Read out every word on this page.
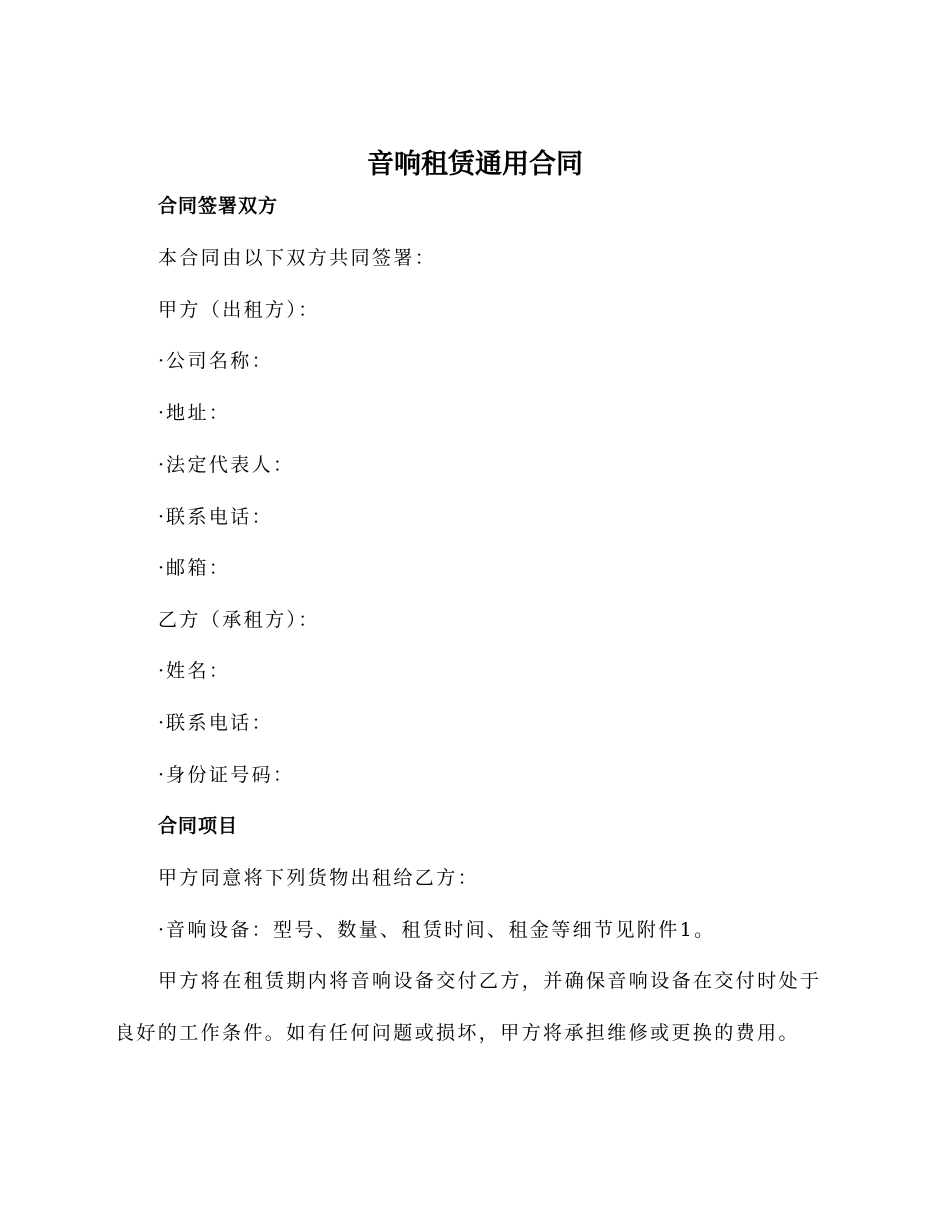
音响租赁通用合同

合同签署双方

本合同由以下双方共同签署：

甲方（出租方）：

· 公司名称：

· 地址：

· 法定代表人：

· 联系电话：

· 邮箱：

乙方（承租方）：

· 姓名：

· 联系电话：

· 身份证号码：

合同项目

甲方同意将下列货物出租给乙方：

· 音响设备：型号、数量、租赁时间、租金等细节见附件1。

甲方将在租赁期内将音响设备交付乙方，并确保音响设备在交付时处于良好的工作条件。如有任何问题或损坏，甲方将承担维修或更换的费用。
